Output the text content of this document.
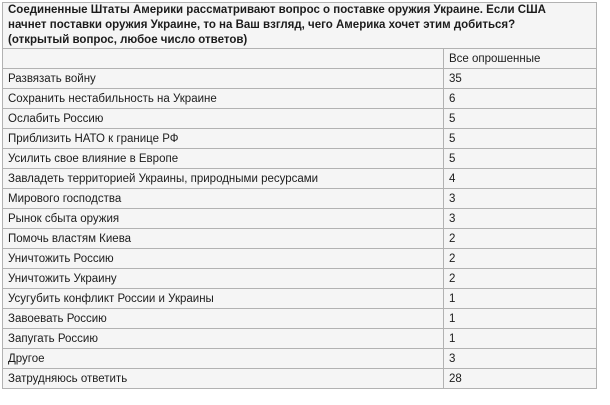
Соединенные Штаты Америки рассматривают вопрос о поставке оружия Украине. Если США
начнет поставки оружия Украине, то на Ваш взгляд, чего Америка хочет этим добиться?
(открытый вопрос, любое число ответов)	

	Все опрошенные
Развязать войну	35
Сохранить нестабильность на Украине	6
Ослабить Россию	5
Приблизить НАТО к границе РФ	5
Усилить свое влияние в Европе	5
Завладеть территорией Украины, природными ресурсами	4
Мирового господства	3
Рынок сбыта оружия	3
Помочь властям Киева	2
Уничтожить Россию	2
Уничтожить Украину	2
Усугубить конфликт России и Украины	1
Завоевать Россию	1
Запугать Россию	1
Другое	3
Затрудняюсь ответить	28
